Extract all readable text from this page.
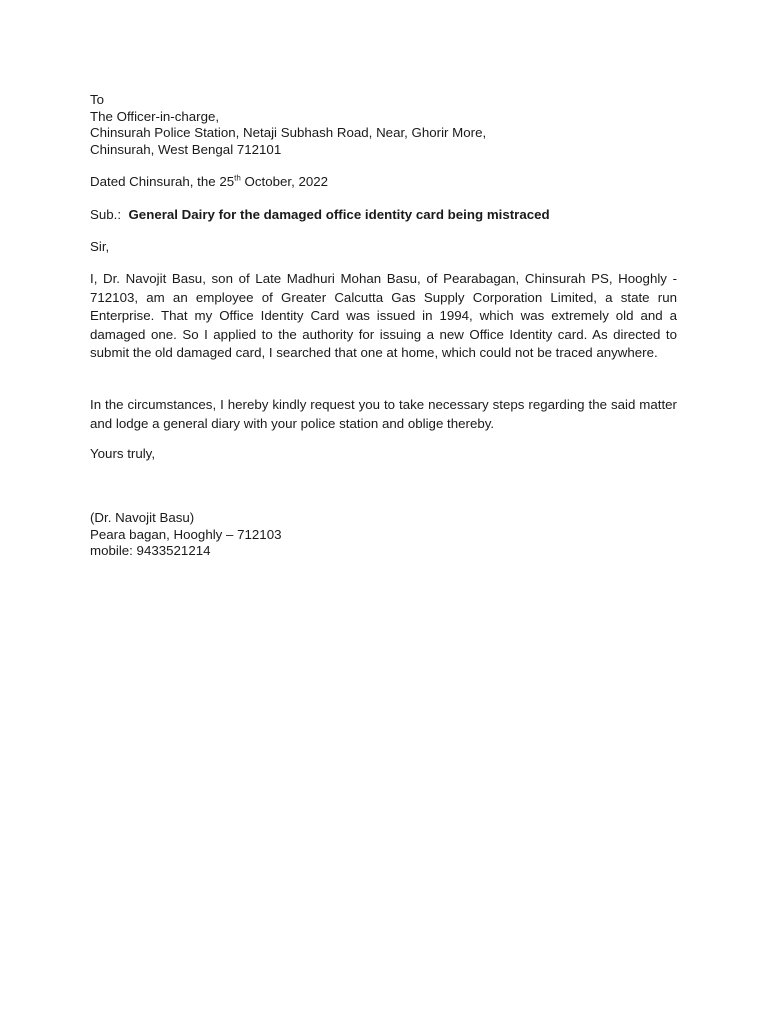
To
The Officer-in-charge,
Chinsurah Police Station, Netaji Subhash Road, Near, Ghorir More,
Chinsurah, West Bengal 712101
Dated Chinsurah, the 25th October, 2022
Sub.: General Dairy for the damaged office identity card being mistraced
Sir,
I, Dr. Navojit Basu, son of Late Madhuri Mohan Basu, of Pearabagan, Chinsurah PS, Hooghly - 712103, am an employee of Greater Calcutta Gas Supply Corporation Limited, a state run Enterprise. That my Office Identity Card was issued in 1994, which was extremely old and a damaged one. So I applied to the authority for issuing a new Office Identity card. As directed to submit the old damaged card, I searched that one at home, which could not be traced anywhere.
In the circumstances, I hereby kindly request you to take necessary steps regarding the said matter and lodge a general diary with your police station and oblige thereby.
Yours truly,
(Dr. Navojit Basu)
Peara bagan, Hooghly – 712103
mobile: 9433521214
